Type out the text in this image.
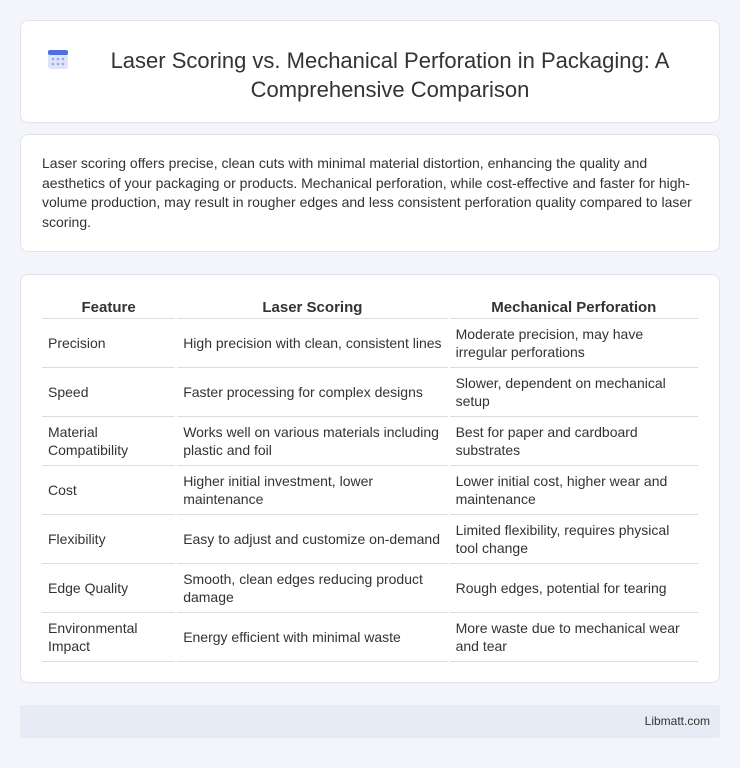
Laser Scoring vs. Mechanical Perforation in Packaging: A Comprehensive Comparison

Laser scoring offers precise, clean cuts with minimal material distortion, enhancing the quality and aesthetics of your packaging or products. Mechanical perforation, while cost-effective and faster for high-volume production, may result in rougher edges and less consistent perforation quality compared to laser scoring.

Feature		Laser Scoring		Mechanical Perforation
Precision		High precision with clean, consistent lines		Moderate precision, may have irregular perforations
Speed		Faster processing for complex designs		Slower, dependent on mechanical setup
Material Compatibility		Works well on various materials including plastic and foil		Best for paper and cardboard substrates
Cost		Higher initial investment, lower maintenance		Lower initial cost, higher wear and maintenance
Flexibility		Easy to adjust and customize on-demand		Limited flexibility, requires physical tool change
Edge Quality		Smooth, clean edges reducing product damage		Rough edges, potential for tearing
Environmental Impact		Energy efficient with minimal waste		More waste due to mechanical wear and tear
Libmatt.com
